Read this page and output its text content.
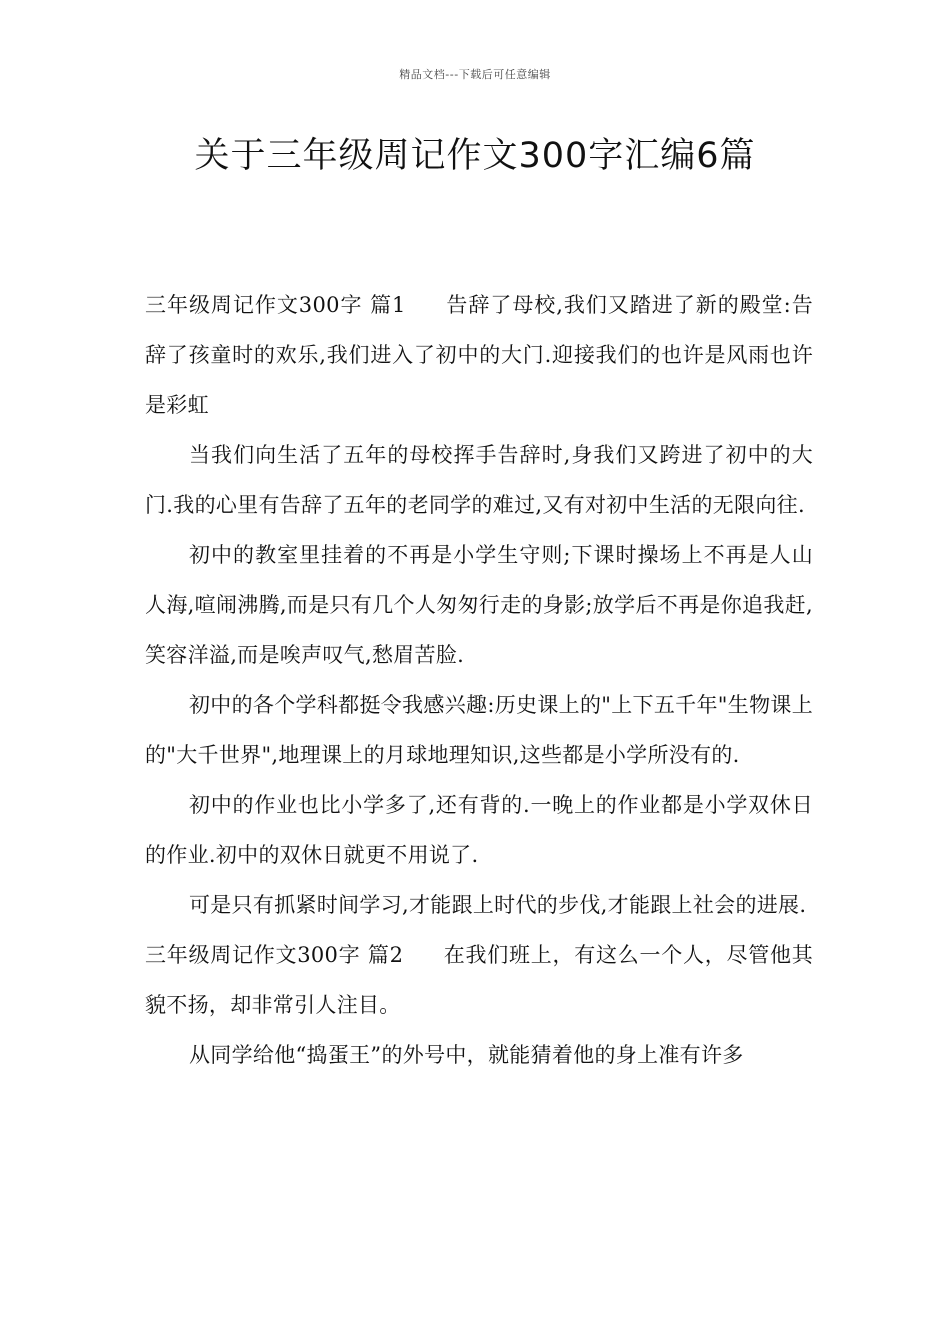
精品文档---下载后可任意编辑
关于三年级周记作文300字汇编6篇

三年级周记作文300字 篇1 告辞了母校,我们又踏进了新的殿堂:告辞了孩童时的欢乐,我们进入了初中的大门.迎接我们的也许是风雨也许是彩虹

当我们向生活了五年的母校挥手告辞时,身我们又跨进了初中的大门.我的心里有告辞了五年的老同学的难过,又有对初中生活的无限向往.

初中的教室里挂着的不再是小学生守则;下课时操场上不再是人山人海,喧闹沸腾,而是只有几个人匆匆行走的身影;放学后不再是你追我赶,笑容洋溢,而是唉声叹气,愁眉苦脸.

初中的各个学科都挺令我感兴趣:历史课上的"上下五千年"生物课上的"大千世界",地理课上的月球地理知识,这些都是小学所没有的.

初中的作业也比小学多了,还有背的.一晚上的作业都是小学双休日的作业.初中的双休日就更不用说了.

可是只有抓紧时间学习,才能跟上时代的步伐,才能跟上社会的进展.

三年级周记作文300字 篇2 在我们班上，有这么一个人，尽管他其貌不扬，却非常引人注目。

从同学给他“捣蛋王”的外号中，就能猜着他的身上准有许多
